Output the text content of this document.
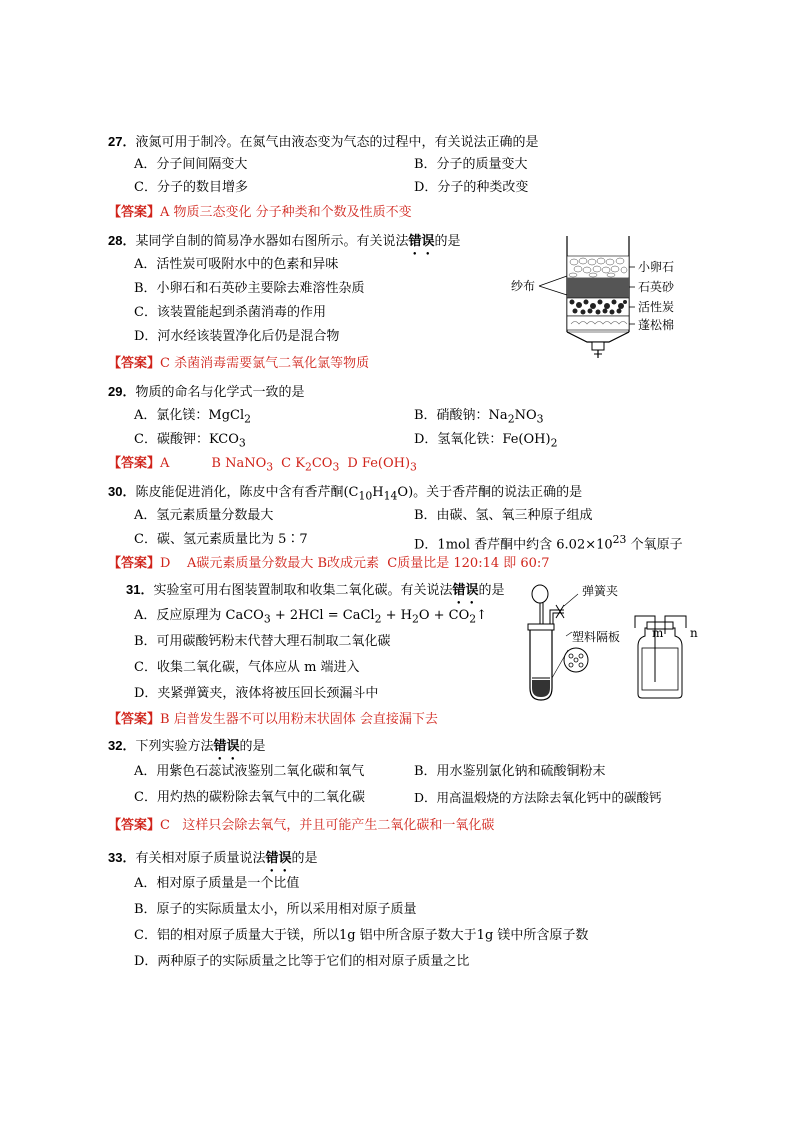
27．液氮可用于制冷。在氮气由液态变为气态的过程中，有关说法正确的是
A．分子间间隔变大	B．分子的质量变大
C．分子的数目增多	D．分子的种类改变
【答案】A 物质三态变化 分子种类和个数及性质不变
28．某同学自制的简易净水器如右图所示。有关说法错误的是
A．活性炭可吸附水中的色素和异味
B．小卵石和石英砂主要除去难溶性杂质
C．该装置能起到杀菌消毒的作用
D．河水经该装置净化后仍是混合物
【答案】C 杀菌消毒需要氯气二氧化氯等物质
纱布
小卵石
石英砂
活性炭
蓬松棉
29．物质的命名与化学式一致的是
A．氯化镁：MgCl$_2$	B．硝酸钠：$Na_2NO_3$
C．碳酸钾：$KCO_3$	D．氢氧化铁：$Fe(OH)_2$
【答案】A	B NaNO$_3$ C $K_2CO_3$ D $Fe(OH)_3$
30．陈皮能促进消化，陈皮中含有香芹酮$(C_{10}H_{14}O)$。关于香芹酮的说法正确的是
A．氢元素质量分数最大	B．由碳、氢、氧三种原子组成
C．碳、氢元素质量比为 5∶7	D．1mol 香芹酮中约含 $6.02\times 10^{23}$ 个氧原子
【答案】D    A碳元素质量分数最大 B改成元素  C质量比是 120:14 即 60:7
31．实验室可用右图装置制取和收集二氧化碳。有关说法错误的是
A．反应原理为 CaCO$_3$ + 2HCl = CaCl$_2$ + $H_2O$ + $CO_2↑$
B．可用碳酸钙粉末代替大理石制取二氧化碳
C．收集二氧化碳，气体应从 m 端进入
D．夹紧弹簧夹，液体将被压回长颈漏斗中
【答案】B 启普发生器不可以用粉末状固体 会直接漏下去
弹簧夹
塑料隔板	m n
32．下列实验方法错误的是
A．用紫色石蕊试液鉴别二氧化碳和氧气	B．用水鉴别氯化钠和硫酸铜粉末
C．用灼热的碳粉除去氧气中的二氧化碳	D．用高温煅烧的方法除去氧化钙中的碳酸钙
【答案】C   这样只会除去氧气，并且可能产生二氧化碳和一氧化碳
33．有关相对原子质量说法错误的是
A．相对原子质量是一个比值
B．原子的实际质量太小，所以采用相对原子质量
C．铝的相对原子质量大于镁，所以1g 铝中所含原子数大于1g 镁中所含原子数
D．两种原子的实际质量之比等于它们的相对原子质量之比
